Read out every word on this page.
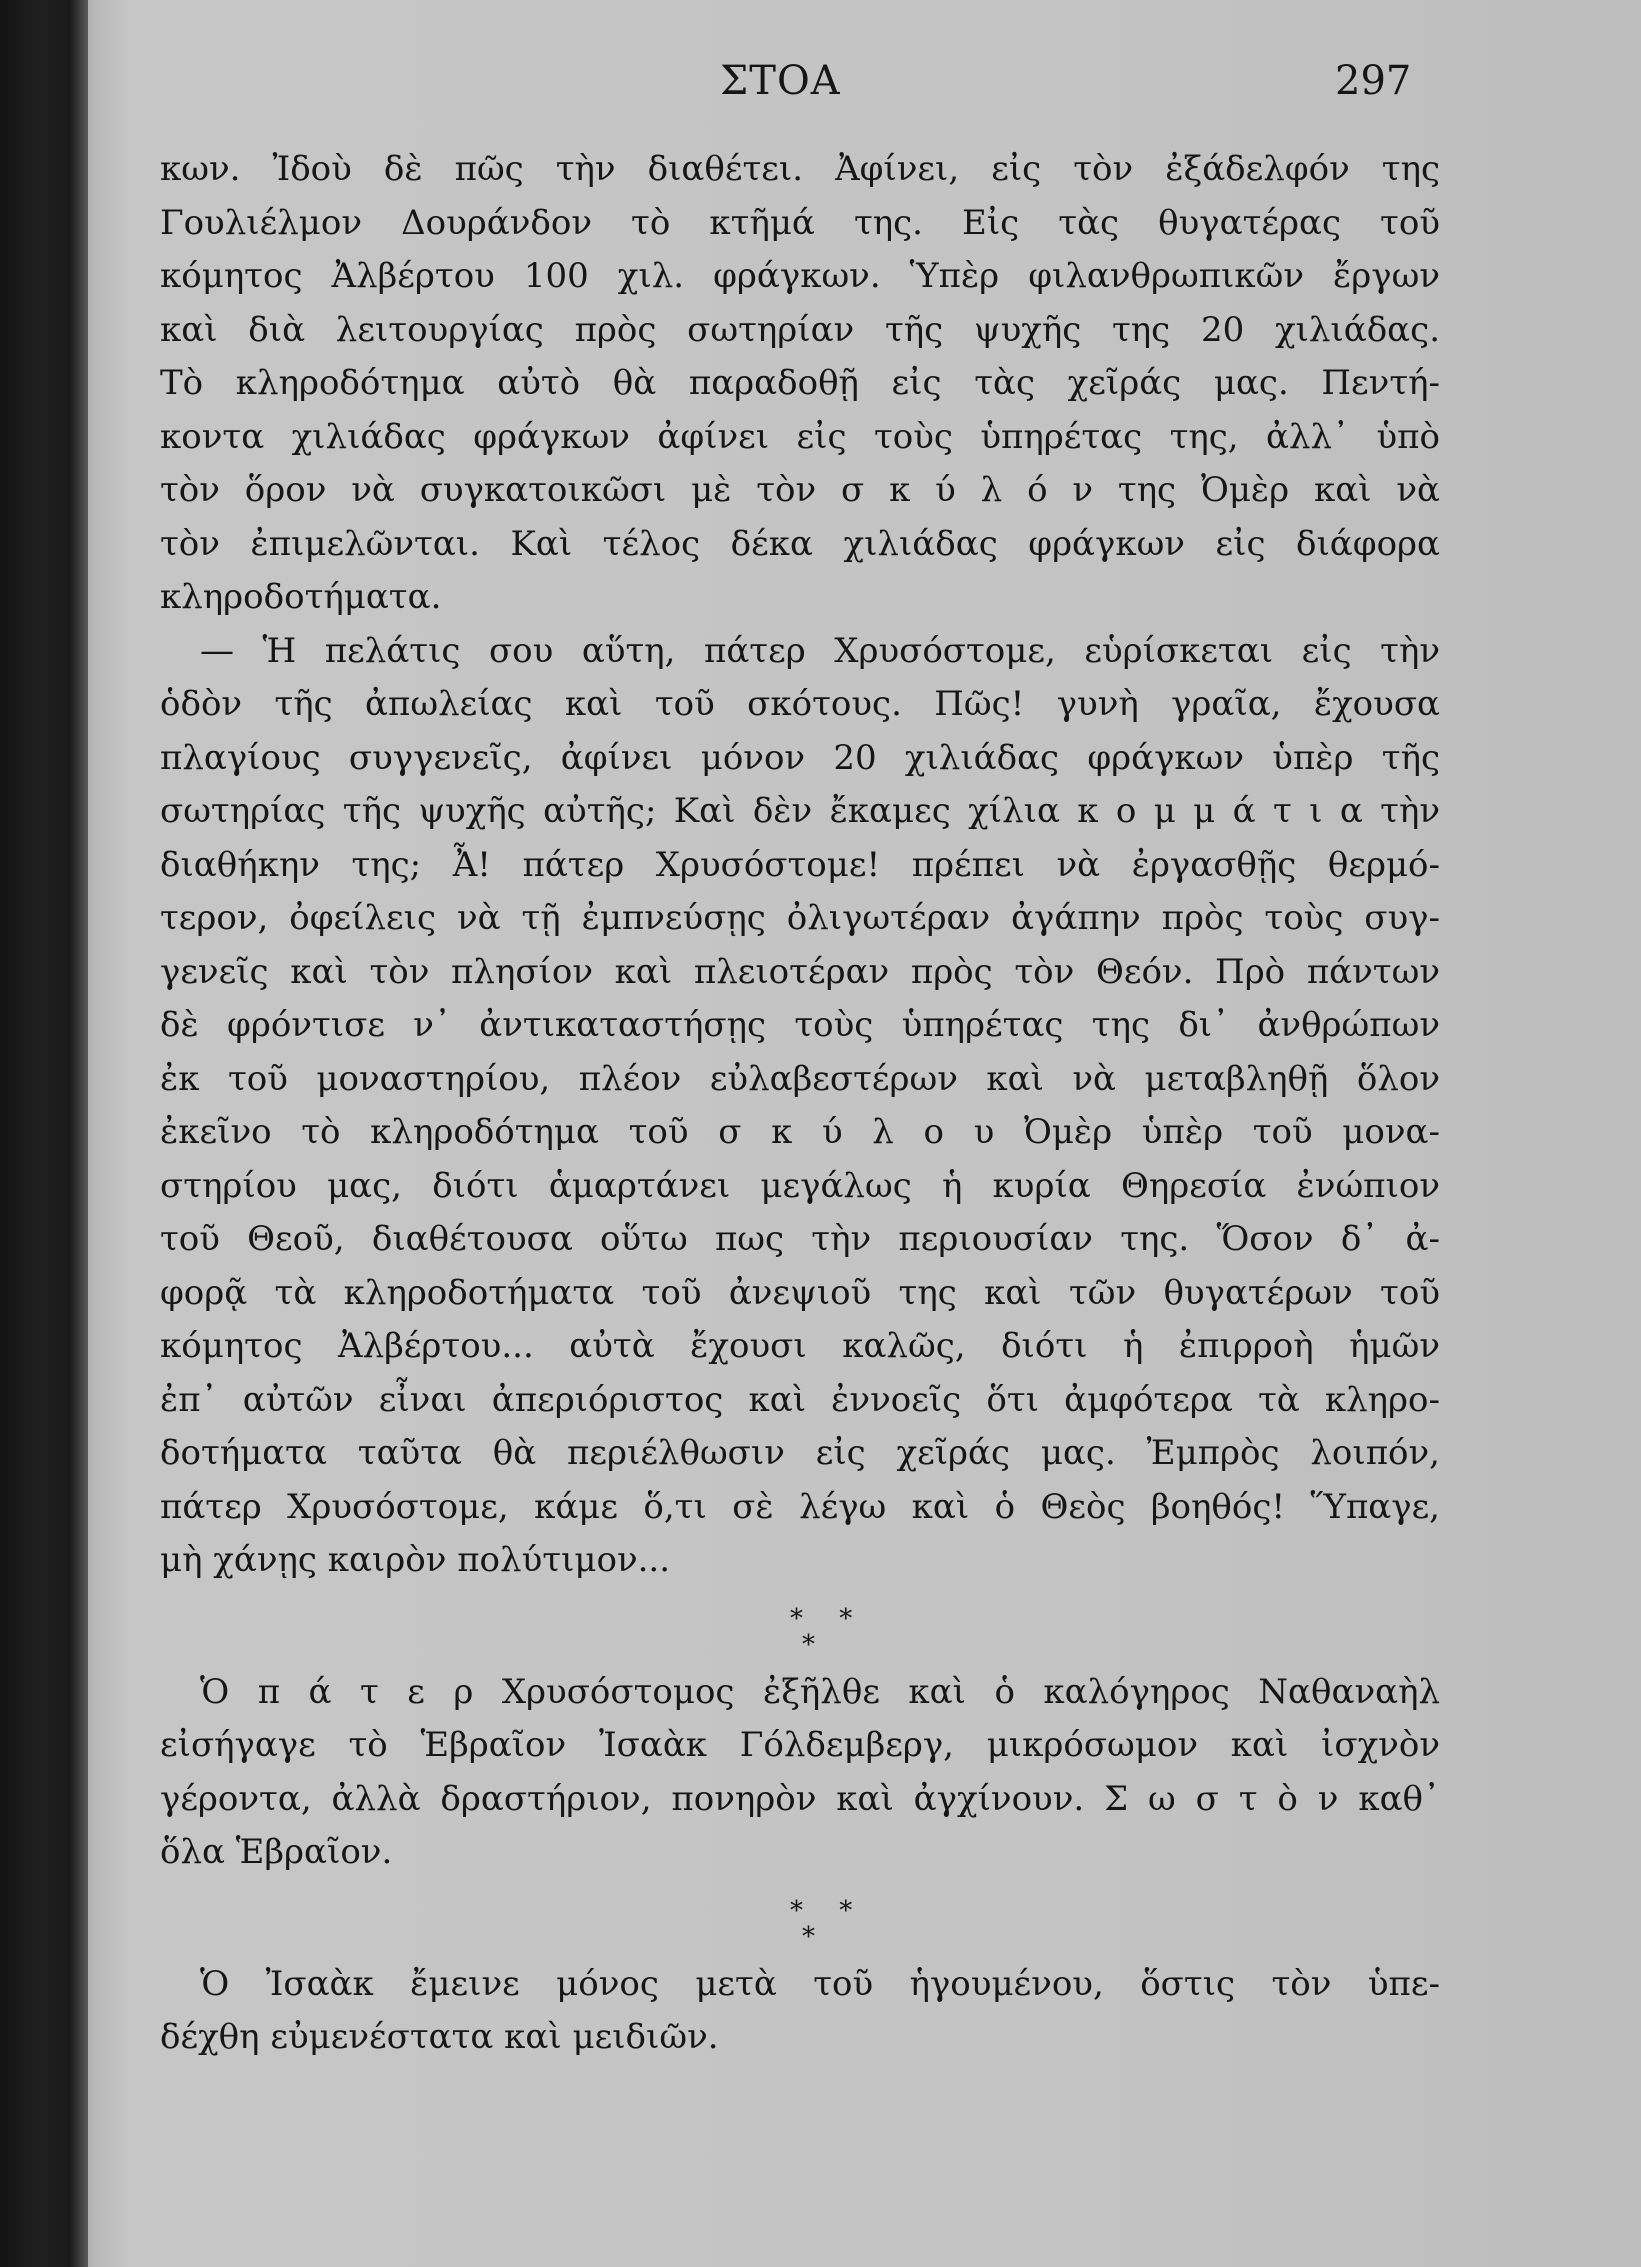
ΣΤΟΑ	297
κων. Ἰδοὺ δὲ πῶς τὴν διαθέτει. Ἀφίνει, εἰς τὸν ἐξάδελφόν της
Γουλιέλμον Δουράνδον τὸ κτῆμά της. Εἰς τὰς θυγατέρας τοῦ
κόμητος Ἀλβέρτου 100 χιλ. φράγκων. Ὑπὲρ φιλανθρωπικῶν ἔργων
καὶ διὰ λειτουργίας πρὸς σωτηρίαν τῆς ψυχῆς της 20 χιλιάδας.
Τὸ κληροδότημα αὐτὸ θὰ παραδοθῇ εἰς τὰς χεῖράς μας. Πεντή-
κοντα χιλιάδας φράγκων ἀφίνει εἰς τοὺς ὑπηρέτας της, ἀλλ᾽ ὑπὸ
τὸν ὅρον νὰ συγκατοικῶσι μὲ τὸν σ κ ύ λ ό ν της Ὀμὲρ καὶ νὰ
τὸν ἐπιμελῶνται. Καὶ τέλος δέκα χιλιάδας φράγκων εἰς διάφορα
κληροδοτήματα.
— Ἡ πελάτις σου αὕτη, πάτερ Χρυσόστομε, εὑρίσκεται εἰς τὴν
ὁδὸν τῆς ἀπωλείας καὶ τοῦ σκότους. Πῶς! γυνὴ γραῖα, ἔχουσα
πλαγίους συγγενεῖς, ἀφίνει μόνον 20 χιλιάδας φράγκων ὑπὲρ τῆς
σωτηρίας τῆς ψυχῆς αὐτῆς; Καὶ δὲν ἔκαμες χίλια κ ο μ μ ά τ ι α τὴν
διαθήκην της; Ἆ! πάτερ Χρυσόστομε! πρέπει νὰ ἐργασθῇς θερμό-
τερον, ὀφείλεις νὰ τῇ ἐμπνεύσῃς ὀλιγωτέραν ἀγάπην πρὸς τοὺς συγ-
γενεῖς καὶ τὸν πλησίον καὶ πλειοτέραν πρὸς τὸν Θεόν. Πρὸ πάντων
δὲ φρόντισε ν᾽ ἀντικαταστήσῃς τοὺς ὑπηρέτας της δι᾽ ἀνθρώπων
ἐκ τοῦ μοναστηρίου, πλέον εὐλαβεστέρων καὶ νὰ μεταβληθῇ ὅλον
ἐκεῖνο τὸ κληροδότημα τοῦ σ κ ύ λ ο υ Ὀμὲρ ὑπὲρ τοῦ μονα-
στηρίου μας, διότι ἁμαρτάνει μεγάλως ἡ κυρία Θηρεσία ἐνώπιον
τοῦ Θεοῦ, διαθέτουσα οὕτω πως τὴν περιουσίαν της. Ὅσον δ᾽ ἀ-
φορᾷ τὰ κληροδοτήματα τοῦ ἀνεψιοῦ της καὶ τῶν θυγατέρων τοῦ
κόμητος Ἀλβέρτου... αὐτὰ ἔχουσι καλῶς, διότι ἡ ἐπιρροὴ ἡμῶν
ἐπ᾽ αὐτῶν εἶναι ἀπεριόριστος καὶ ἐννοεῖς ὅτι ἀμφότερα τὰ κληρο-
δοτήματα ταῦτα θὰ περιέλθωσιν εἰς χεῖράς μας. Ἐμπρὸς λοιπόν,
πάτερ Χρυσόστομε, κάμε ὅ,τι σὲ λέγω καὶ ὁ Θεὸς βοηθός! Ὕπαγε,
μὴ χάνῃς καιρὸν πολύτιμον...
* *
*
Ὁ π ά τ ε ρ Χρυσόστομος ἐξῆλθε καὶ ὁ καλόγηρος Ναθαναὴλ
εἰσήγαγε τὸ Ἑβραῖον Ἰσαὰκ Γόλδεμβεργ, μικρόσωμον καὶ ἰσχνὸν
γέροντα, ἀλλὰ δραστήριον, πονηρὸν καὶ ἀγχίνουν. Σ ω σ τ ὸ ν καθ᾽
ὅλα Ἑβραῖον.
* *
*
Ὁ Ἰσαὰκ ἔμεινε μόνος μετὰ τοῦ ἡγουμένου, ὅστις τὸν ὑπε-
δέχθη εὐμενέστατα καὶ μειδιῶν.
